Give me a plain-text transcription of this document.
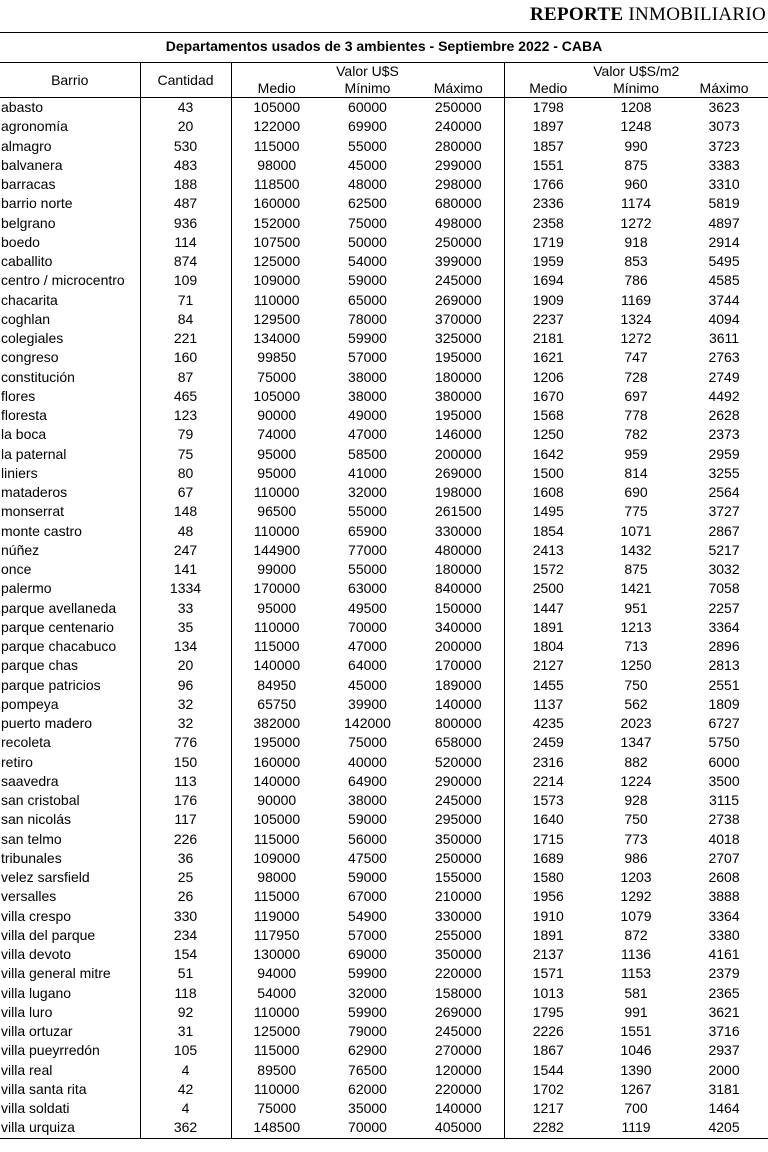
REPORTE INMOBILIARIO
Departamentos usados de 3 ambientes - Septiembre 2022 - CABA
Barrio	Cantidad	Valor U$S			Valor U$S/m2		
		Medio	Mínimo	Máximo	Medio	Mínimo	Máximo
abasto	43	105000	60000	250000	1798	1208	3623
agronomía	20	122000	69900	240000	1897	1248	3073
almagro	530	115000	55000	280000	1857	990	3723
balvanera	483	98000	45000	299000	1551	875	3383
barracas	188	118500	48000	298000	1766	960	3310
barrio norte	487	160000	62500	680000	2336	1174	5819
belgrano	936	152000	75000	498000	2358	1272	4897
boedo	114	107500	50000	250000	1719	918	2914
caballito	874	125000	54000	399000	1959	853	5495
centro / microcentro	109	109000	59000	245000	1694	786	4585
chacarita	71	110000	65000	269000	1909	1169	3744
coghlan	84	129500	78000	370000	2237	1324	4094
colegiales	221	134000	59900	325000	2181	1272	3611
congreso	160	99850	57000	195000	1621	747	2763
constitución	87	75000	38000	180000	1206	728	2749
flores	465	105000	38000	380000	1670	697	4492
floresta	123	90000	49000	195000	1568	778	2628
la boca	79	74000	47000	146000	1250	782	2373
la paternal	75	95000	58500	200000	1642	959	2959
liniers	80	95000	41000	269000	1500	814	3255
mataderos	67	110000	32000	198000	1608	690	2564
monserrat	148	96500	55000	261500	1495	775	3727
monte castro	48	110000	65900	330000	1854	1071	2867
núñez	247	144900	77000	480000	2413	1432	5217
once	141	99000	55000	180000	1572	875	3032
palermo	1334	170000	63000	840000	2500	1421	7058
parque avellaneda	33	95000	49500	150000	1447	951	2257
parque centenario	35	110000	70000	340000	1891	1213	3364
parque chacabuco	134	115000	47000	200000	1804	713	2896
parque chas	20	140000	64000	170000	2127	1250	2813
parque patricios	96	84950	45000	189000	1455	750	2551
pompeya	32	65750	39900	140000	1137	562	1809
puerto madero	32	382000	142000	800000	4235	2023	6727
recoleta	776	195000	75000	658000	2459	1347	5750
retiro	150	160000	40000	520000	2316	882	6000
saavedra	113	140000	64900	290000	2214	1224	3500
san cristobal	176	90000	38000	245000	1573	928	3115
san nicolás	117	105000	59000	295000	1640	750	2738
san telmo	226	115000	56000	350000	1715	773	4018
tribunales	36	109000	47500	250000	1689	986	2707
velez sarsfield	25	98000	59000	155000	1580	1203	2608
versalles	26	115000	67000	210000	1956	1292	3888
villa crespo	330	119000	54900	330000	1910	1079	3364
villa del parque	234	117950	57000	255000	1891	872	3380
villa devoto	154	130000	69000	350000	2137	1136	4161
villa general mitre	51	94000	59900	220000	1571	1153	2379
villa lugano	118	54000	32000	158000	1013	581	2365
villa luro	92	110000	59900	269000	1795	991	3621
villa ortuzar	31	125000	79000	245000	2226	1551	3716
villa pueyrredón	105	115000	62900	270000	1867	1046	2937
villa real	4	89500	76500	120000	1544	1390	2000
villa santa rita	42	110000	62000	220000	1702	1267	3181
villa soldati	4	75000	35000	140000	1217	700	1464
villa urquiza	362	148500	70000	405000	2282	1119	4205
